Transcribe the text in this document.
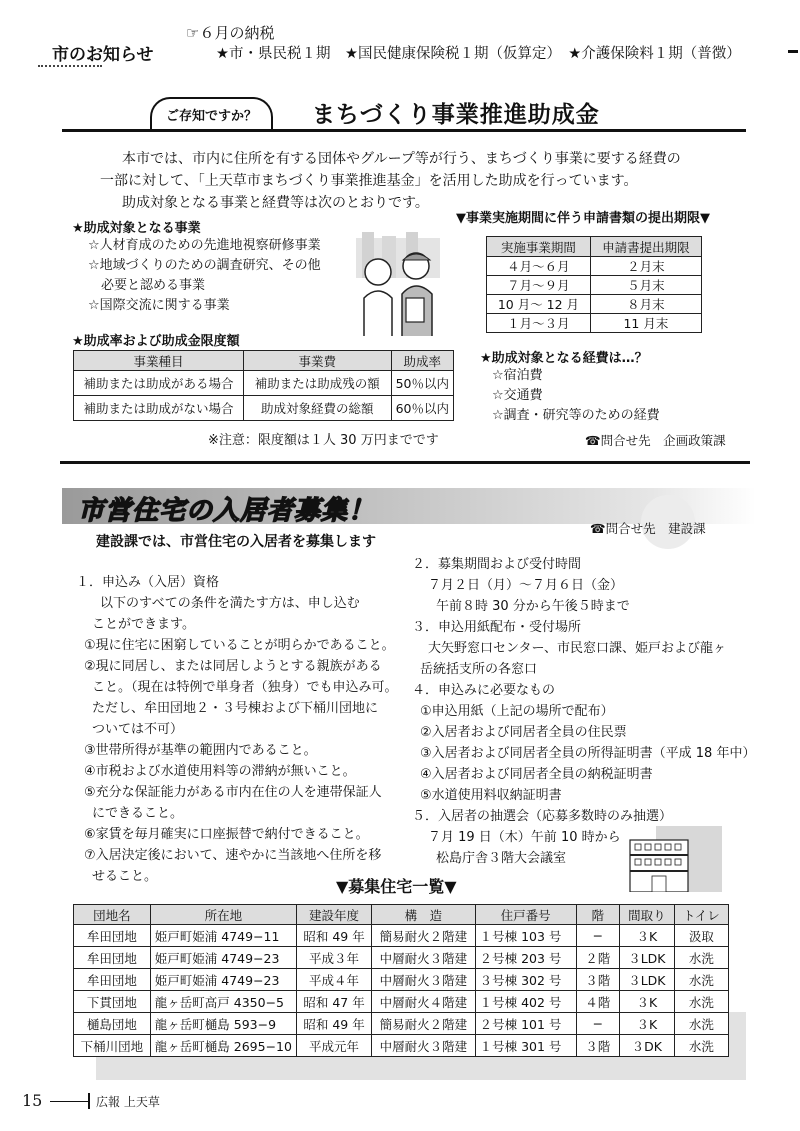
市のお知らせ
☞６月の納税
★市・県民税１期　★国民健康保険税１期（仮算定）　★介護保険料１期（普徴）
ご存知ですか？	まちづくり事業推進助成金
本市では、市内に住所を有する団体やグループ等が行う、まちづくり事業に要する経費の
一部に対して、「上天草市まちづくり事業推進基金」を活用した助成を行っています。
助成対象となる事業と経費等は次のとおりです。
★助成対象となる事業
☆人材育成のための先進地視察研修事業
☆地域づくりのための調査研究、その他
　必要と認める事業
☆国際交流に関する事業
★助成率および助成金限度額
事業種目	事業費	助成率
補助または助成がある場合	補助または助成残の額	50％以内
補助または助成がない場合	助成対象経費の総額	60％以内
※注意：限度額は１人 30 万円までです
▼事業実施期間に伴う申請書類の提出期限▼
実施事業期間	申請書提出期限
４月～６月	２月末
７月～９月	５月末
10 月～ 12 月	８月末
１月～３月	11 月末
★助成対象となる経費は…？
☆宿泊費
☆交通費
☆調査・研究等のための経費
☎問合せ先　企画政策課
市営住宅の入居者募集！
☎問合せ先　建設課
建設課では、市営住宅の入居者を募集します
１．申込み（入居）資格
以下のすべての条件を満たす方は、申し込む
ことができます。
①現に住宅に困窮していることが明らかであること。
②現に同居し、または同居しようとする親族がある
こと。（現在は特例で単身者（独身）でも申込み可。
ただし、牟田団地２・３号棟および下桶川団地に
ついては不可）
③世帯所得が基準の範囲内であること。
④市税および水道使用料等の滞納が無いこと。
⑤充分な保証能力がある市内在住の人を連帯保証人
にできること。
⑥家賃を毎月確実に口座振替で納付できること。
⑦入居決定後において、速やかに当該地へ住所を移
せること。
２．募集期間および受付時間
７月２日（月）～７月６日（金）
午前８時 30 分から午後５時まで
３．申込用紙配布・受付場所
大矢野窓口センター、市民窓口課、姫戸および龍ヶ
岳統括支所の各窓口
４．申込みに必要なもの
①申込用紙（上記の場所で配布）
②入居者および同居者全員の住民票
③入居者および同居者全員の所得証明書（平成 18 年中）
④入居者および同居者全員の納税証明書
⑤水道使用料収納証明書
５．入居者の抽選会（応募多数時のみ抽選）
７月 19 日（木）午前 10 時から
松島庁舎３階大会議室
▼募集住宅一覧▼
団地名	所在地	建設年度	構　造	住戸番号	階	間取り	トイレ
牟田団地	姫戸町姫浦 4749−11	昭和 49 年	簡易耐火２階建	１号棟 103 号	−	３K	汲取
牟田団地	姫戸町姫浦 4749−23	平成３年	中層耐火３階建	２号棟 203 号	２階	３LDK	水洗
牟田団地	姫戸町姫浦 4749−23	平成４年	中層耐火３階建	３号棟 302 号	３階	３LDK	水洗
下貫団地	龍ヶ岳町高戸 4350−5	昭和 47 年	中層耐火４階建	１号棟 402 号	４階	３K	水洗
樋島団地	龍ヶ岳町樋島 593−9	昭和 49 年	簡易耐火２階建	２号棟 101 号	−	３K	水洗
下桶川団地	龍ヶ岳町樋島 2695−10	平成元年	中層耐火３階建	１号棟 301 号	３階	３DK	水洗
15	広報 上天草
